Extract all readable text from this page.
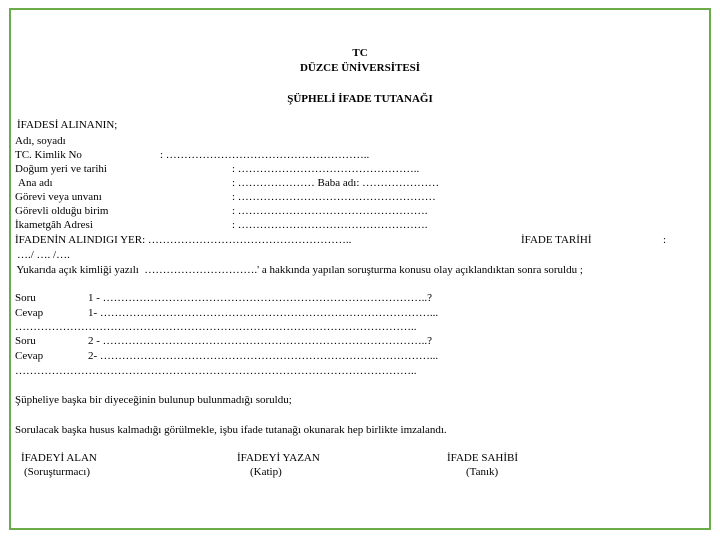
TC
DÜZCE ÜNİVERSİTESİ
ŞÜPHELİ İFADE TUTANAĞI
İFADESİ ALINANIN;
Adı, soyadı
TC. Kimlik No	: ………………………………………………..
Doğum yeri ve tarihi	: …………………………………………..
Ana adı	: ………………… Baba adı: …………………
Görevi veya unvanı	: ………………………………………………
Görevli olduğu birim	: …………………………………………….
İkametgâh Adresi	: …………………………………………….
İFADENİN ALINDIGI YER: ………………………………………………..	İFADE TARİHİ	:
…./ …. /….
Yukarıda açık kimliği yazılı  ………………………….' a hakkında yapılan soruşturma konusu olay açıklandıktan sonra soruldu ;
Soru	1 - ……………………………………………………………………………..?
Cevap	1- ………………………………………………………………………………...
………………………………………………………………………………………………..
Soru	2 - ……………………………………………………………………………..?
Cevap	2- ………………………………………………………………………………...
………………………………………………………………………………………………..
Şüpheliye başka bir diyeceğinin bulunup bulunmadığı soruldu;
Sorulacak başka husus kalmadığı görülmekle, işbu ifade tutanağı okunarak hep birlikte imzalandı.
İFADEYİ ALAN
(Soruşturmacı)
İFADEYİ YAZAN
(Katip)
İFADE SAHİBİ
(Tanık)
